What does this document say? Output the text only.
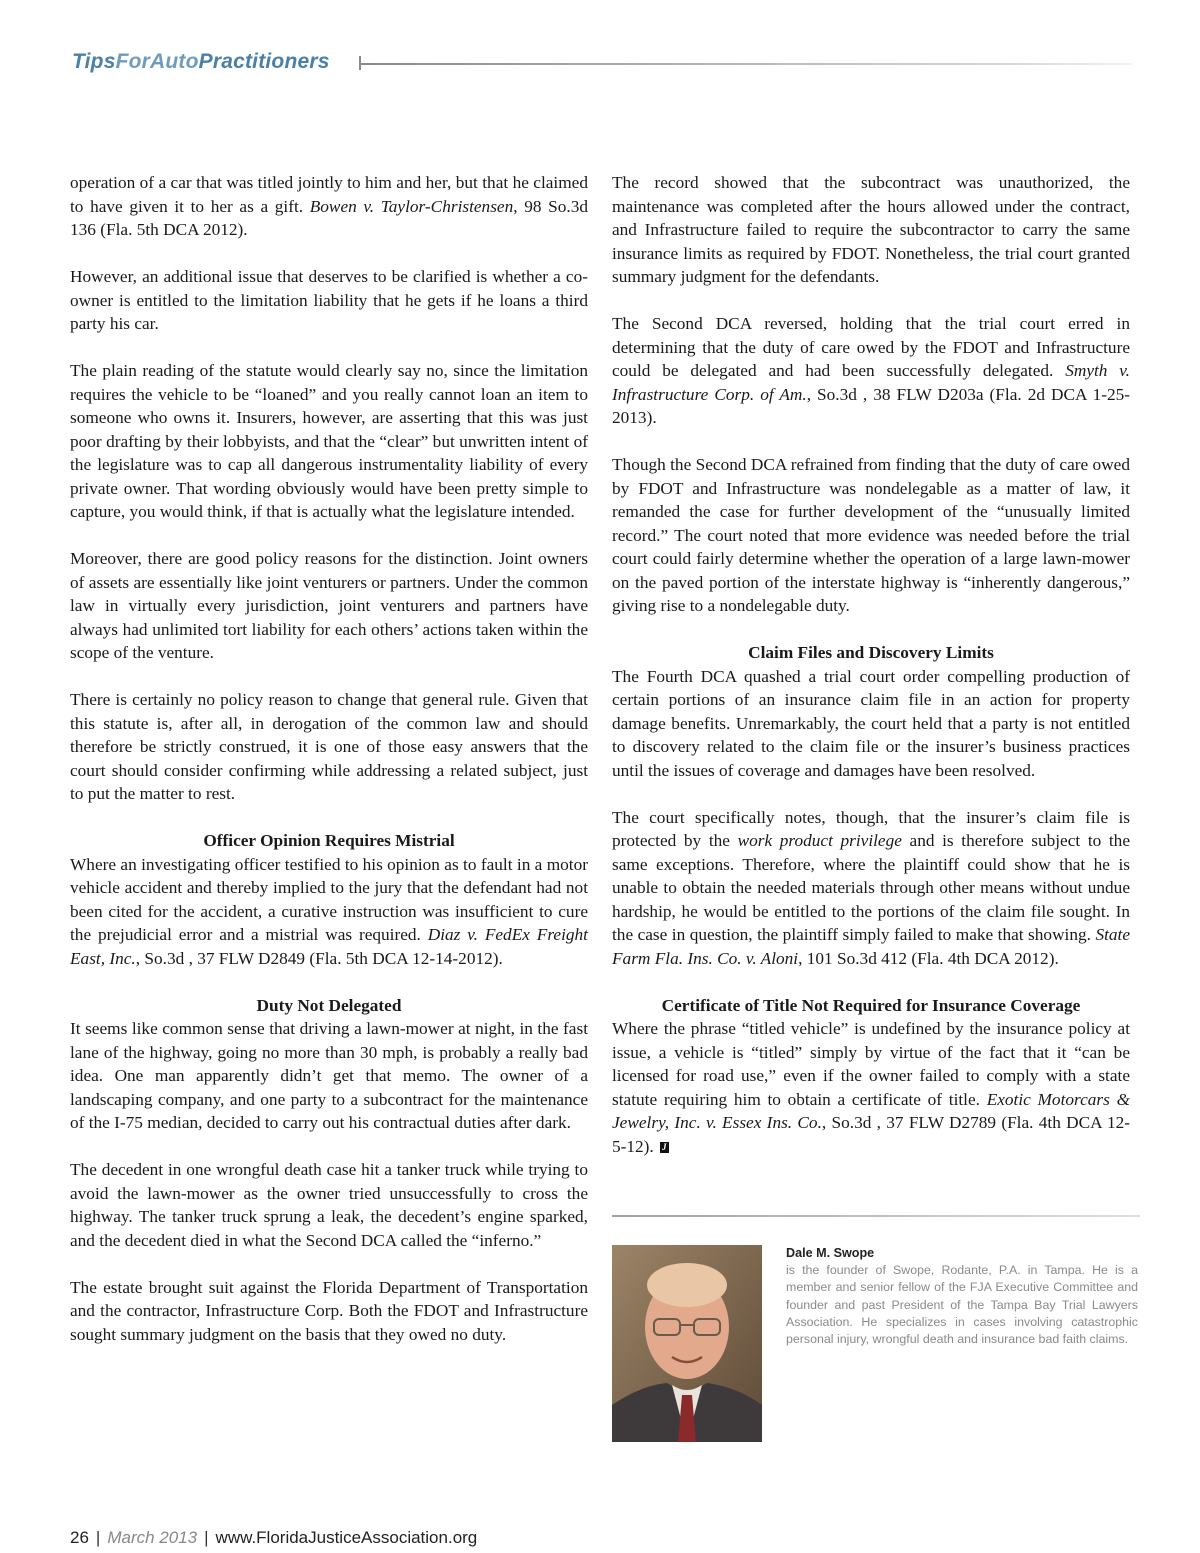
TipsForAutoPractitioners

operation of a car that was titled jointly to him and her, but that he claimed to have given it to her as a gift. Bowen v. Taylor-Christensen, 98 So.3d 136 (Fla. 5th DCA 2012).

However, an additional issue that deserves to be clarified is whether a co-owner is entitled to the limitation liability that he gets if he loans a third party his car.

The plain reading of the statute would clearly say no, since the limitation requires the vehicle to be “loaned” and you really cannot loan an item to someone who owns it. Insurers, however, are asserting that this was just poor drafting by their lobbyists, and that the “clear” but unwritten intent of the legislature was to cap all dangerous instrumentality liability of every private owner. That wording obviously would have been pretty simple to capture, you would think, if that is actually what the legislature intended.

Moreover, there are good policy reasons for the distinction. Joint owners of assets are essentially like joint venturers or partners. Under the common law in virtually every jurisdiction, joint venturers and partners have always had unlimited tort liability for each others’ actions taken within the scope of the venture.

There is certainly no policy reason to change that general rule. Given that this statute is, after all, in derogation of the common law and should therefore be strictly construed, it is one of those easy answers that the court should consider confirming while addressing a related subject, just to put the matter to rest.

Officer Opinion Requires Mistrial

Where an investigating officer testified to his opinion as to fault in a motor vehicle accident and thereby implied to the jury that the defendant had not been cited for the accident, a curative instruction was insufficient to cure the prejudicial error and a mistrial was required. Diaz v. FedEx Freight East, Inc., So.3d , 37 FLW D2849 (Fla. 5th DCA 12-14-2012).

Duty Not Delegated

It seems like common sense that driving a lawn-mower at night, in the fast lane of the highway, going no more than 30 mph, is probably a really bad idea. One man apparently didn’t get that memo. The owner of a landscaping company, and one party to a subcontract for the maintenance of the I-75 median, decided to carry out his contractual duties after dark.

The decedent in one wrongful death case hit a tanker truck while trying to avoid the lawn-mower as the owner tried unsuccessfully to cross the highway. The tanker truck sprung a leak, the decedent’s engine sparked, and the decedent died in what the Second DCA called the “inferno.”

The estate brought suit against the Florida Department of Transportation and the contractor, Infrastructure Corp. Both the FDOT and Infrastructure sought summary judgment on the basis that they owed no duty.

The record showed that the subcontract was unauthorized, the maintenance was completed after the hours allowed under the contract, and Infrastructure failed to require the subcontractor to carry the same insurance limits as required by FDOT. Nonetheless, the trial court granted summary judgment for the defendants.

The Second DCA reversed, holding that the trial court erred in determining that the duty of care owed by the FDOT and Infrastructure could be delegated and had been successfully delegated. Smyth v. Infrastructure Corp. of Am., So.3d , 38 FLW D203a (Fla. 2d DCA 1-25-2013).

Though the Second DCA refrained from finding that the duty of care owed by FDOT and Infrastructure was nondelegable as a matter of law, it remanded the case for further development of the “unusually limited record.” The court noted that more evidence was needed before the trial court could fairly determine whether the operation of a large lawn-mower on the paved portion of the interstate highway is “inherently dangerous,” giving rise to a nondelegable duty.

Claim Files and Discovery Limits

The Fourth DCA quashed a trial court order compelling production of certain portions of an insurance claim file in an action for property damage benefits. Unremarkably, the court held that a party is not entitled to discovery related to the claim file or the insurer’s business practices until the issues of coverage and damages have been resolved.

The court specifically notes, though, that the insurer’s claim file is protected by the work product privilege and is therefore subject to the same exceptions. Therefore, where the plaintiff could show that he is unable to obtain the needed materials through other means without undue hardship, he would be entitled to the portions of the claim file sought. In the case in question, the plaintiff simply failed to make that showing. State Farm Fla. Ins. Co. v. Aloni, 101 So.3d 412 (Fla. 4th DCA 2012).

Certificate of Title Not Required for Insurance Coverage

Where the phrase “titled vehicle” is undefined by the insurance policy at issue, a vehicle is “titled” simply by virtue of the fact that it “can be licensed for road use,” even if the owner failed to comply with a state statute requiring him to obtain a certificate of title. Exotic Motorcars & Jewelry, Inc. v. Essex Ins. Co., So.3d , 37 FLW D2789 (Fla. 4th DCA 12-5-12). J

Dale M. Swope
is the founder of Swope, Rodante, P.A. in Tampa. He is a member and senior fellow of the FJA Executive Committee and founder and past President of the Tampa Bay Trial Lawyers Association. He specializes in cases involving catastrophic personal injury, wrongful death and insurance bad faith claims.
26 | March 2013 | www.FloridaJusticeAssociation.org
